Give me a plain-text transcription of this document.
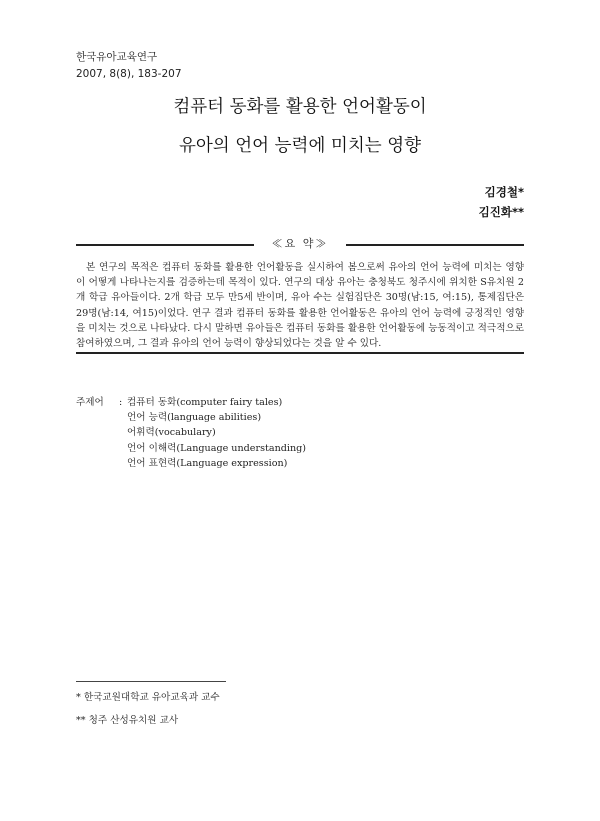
한국유아교육연구
2007, 8(8), 183-207
컴퓨터 동화를 활용한 언어활동이
유아의 언어 능력에 미치는 영향
김경철*
김진화**
≪요 약≫

본 연구의 목적은 컴퓨터 동화를 활용한 언어활동을 실시하여 봄으로써 유아의 언어 능력에 미치는 영향이 어떻게 나타나는지를 검증하는데 목적이 있다. 연구의 대상 유아는 충청북도 청주시에 위치한 S유치원 2개 학급 유아들이다. 2개 학급 모두 만5세 반이며, 유아 수는 실험집단은 30명(남:15, 여:15), 통제집단은 29명(남:14, 여15)이었다. 연구 결과 컴퓨터 동화를 활용한 언어활동은 유아의 언어 능력에 긍정적인 영향을 미치는 것으로 나타났다. 다시 말하면 유아들은 컴퓨터 동화를 활용한 언어활동에 능동적이고 적극적으로 참여하였으며, 그 결과 유아의 언어 능력이 향상되었다는 것을 알 수 있다.

주제어 : 컴퓨터 동화(computer fairy tales)
언어 능력(language abilities)
어휘력(vocabulary)
언어 이해력(Language understanding)
언어 표현력(Language expression)
* 한국교원대학교 유아교육과 교수
** 청주 산성유치원 교사
